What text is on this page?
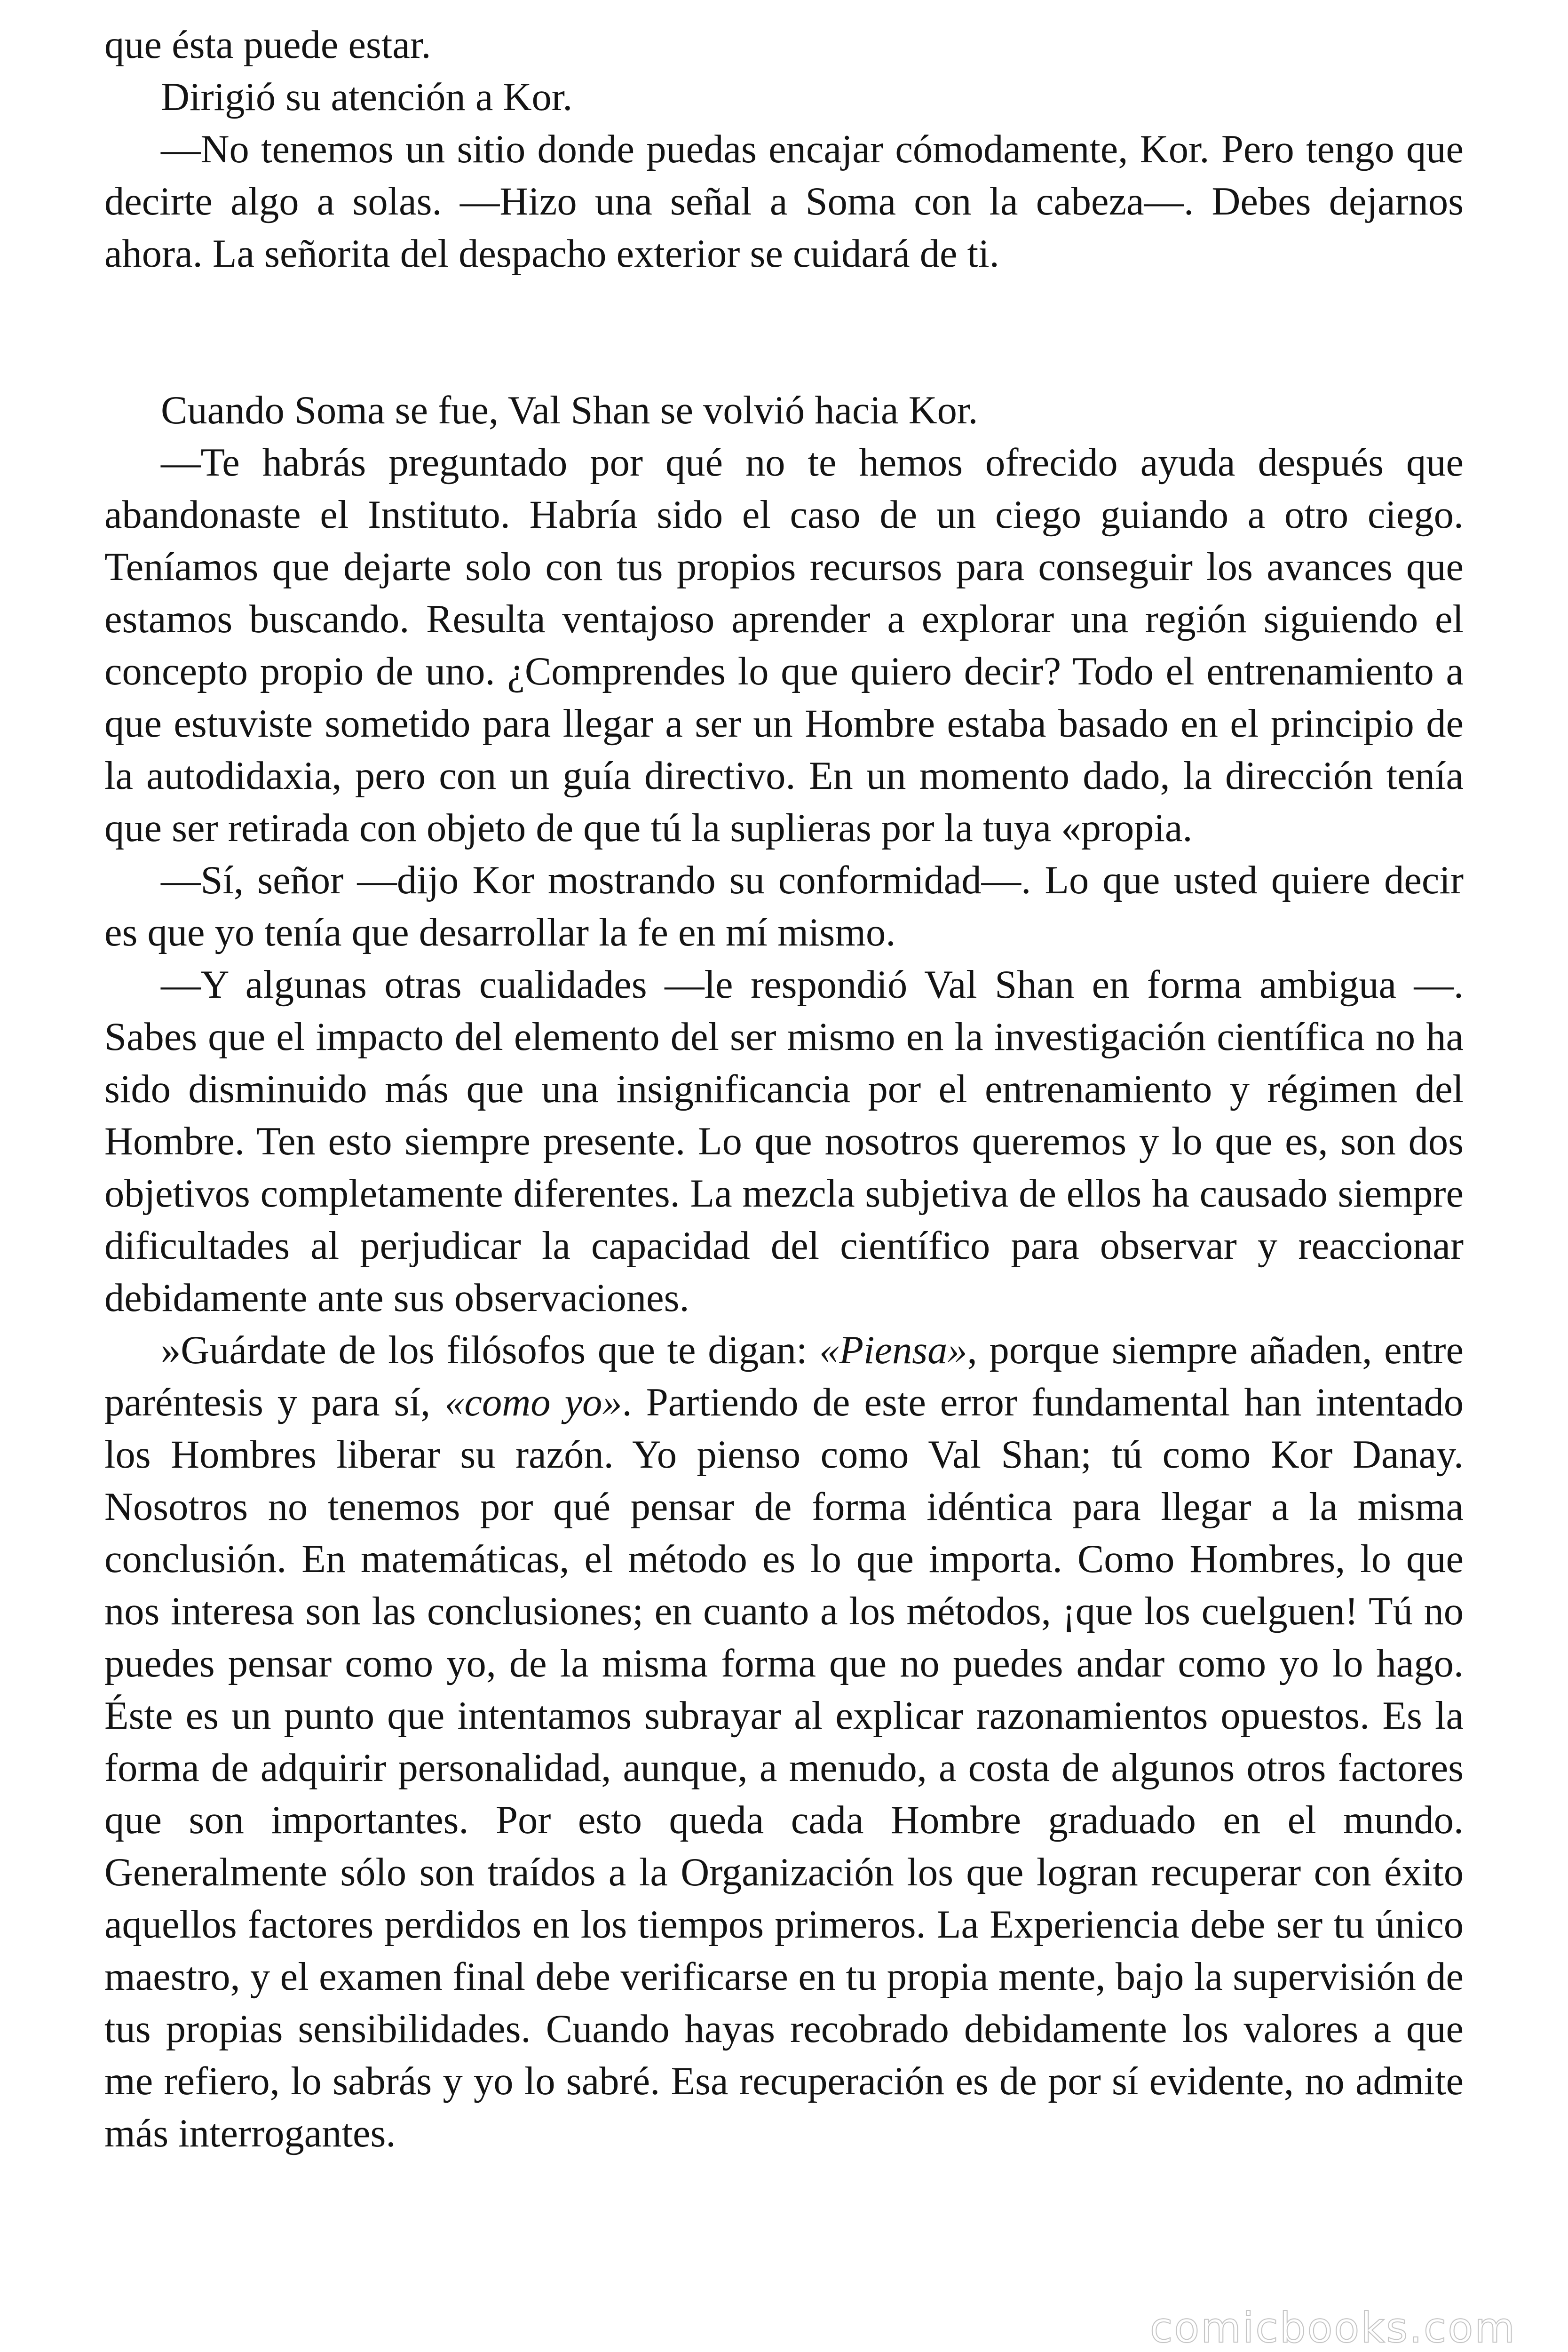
que ésta puede estar.

Dirigió su atención a Kor.

—No tenemos un sitio donde puedas encajar cómodamente, Kor. Pero tengo que decirte algo a solas. —Hizo una señal a Soma con la cabeza—. Debes dejarnos ahora. La señorita del despacho exterior se cuidará de ti.

Cuando Soma se fue, Val Shan se volvió hacia Kor.

—Te habrás preguntado por qué no te hemos ofrecido ayuda después que abandonaste el Instituto. Habría sido el caso de un ciego guiando a otro ciego. Teníamos que dejarte solo con tus propios recursos para conseguir los avances que estamos buscando. Resulta ventajoso aprender a explorar una región siguiendo el concepto propio de uno. ¿Comprendes lo que quiero decir? Todo el entrenamiento a que estuviste sometido para llegar a ser un Hombre estaba basado en el principio de la autodidaxia, pero con un guía directivo. En un momento dado, la dirección tenía que ser retirada con objeto de que tú la suplieras por la tuya «propia.

—Sí, señor —dijo Kor mostrando su conformidad—. Lo que usted quiere decir es que yo tenía que desarrollar la fe en mí mismo.

—Y algunas otras cualidades —le respondió Val Shan en forma ambigua —. Sabes que el impacto del elemento del ser mismo en la investigación científica no ha sido disminuido más que una insignificancia por el entrenamiento y régimen del Hombre. Ten esto siempre presente. Lo que nosotros queremos y lo que es, son dos objetivos completamente diferentes. La mezcla subjetiva de ellos ha causado siempre dificultades al perjudicar la capacidad del científico para observar y reaccionar debidamente ante sus observaciones.

»Guárdate de los filósofos que te digan: «Piensa», porque siempre añaden, entre paréntesis y para sí, «como yo». Partiendo de este error fundamental han intentado los Hombres liberar su razón. Yo pienso como Val Shan; tú como Kor Danay. Nosotros no tenemos por qué pensar de forma idéntica para llegar a la misma conclusión. En matemáticas, el método es lo que importa. Como Hombres, lo que nos interesa son las conclusiones; en cuanto a los métodos, ¡que los cuelguen! Tú no puedes pensar como yo, de la misma forma que no puedes andar como yo lo hago. Éste es un punto que intentamos subrayar al explicar razonamientos opuestos. Es la forma de adquirir personalidad, aunque, a menudo, a costa de algunos otros factores que son importantes. Por esto queda cada Hombre graduado en el mundo. Generalmente sólo son traídos a la Organización los que logran recuperar con éxito aquellos factores perdidos en los tiempos primeros. La Experiencia debe ser tu único maestro, y el examen final debe verificarse en tu propia mente, bajo la supervisión de tus propias sensibilidades. Cuando hayas recobrado debidamente los valores a que me refiero, lo sabrás y yo lo sabré. Esa recuperación es de por sí evidente, no admite más interrogantes.

comicbooks.com
